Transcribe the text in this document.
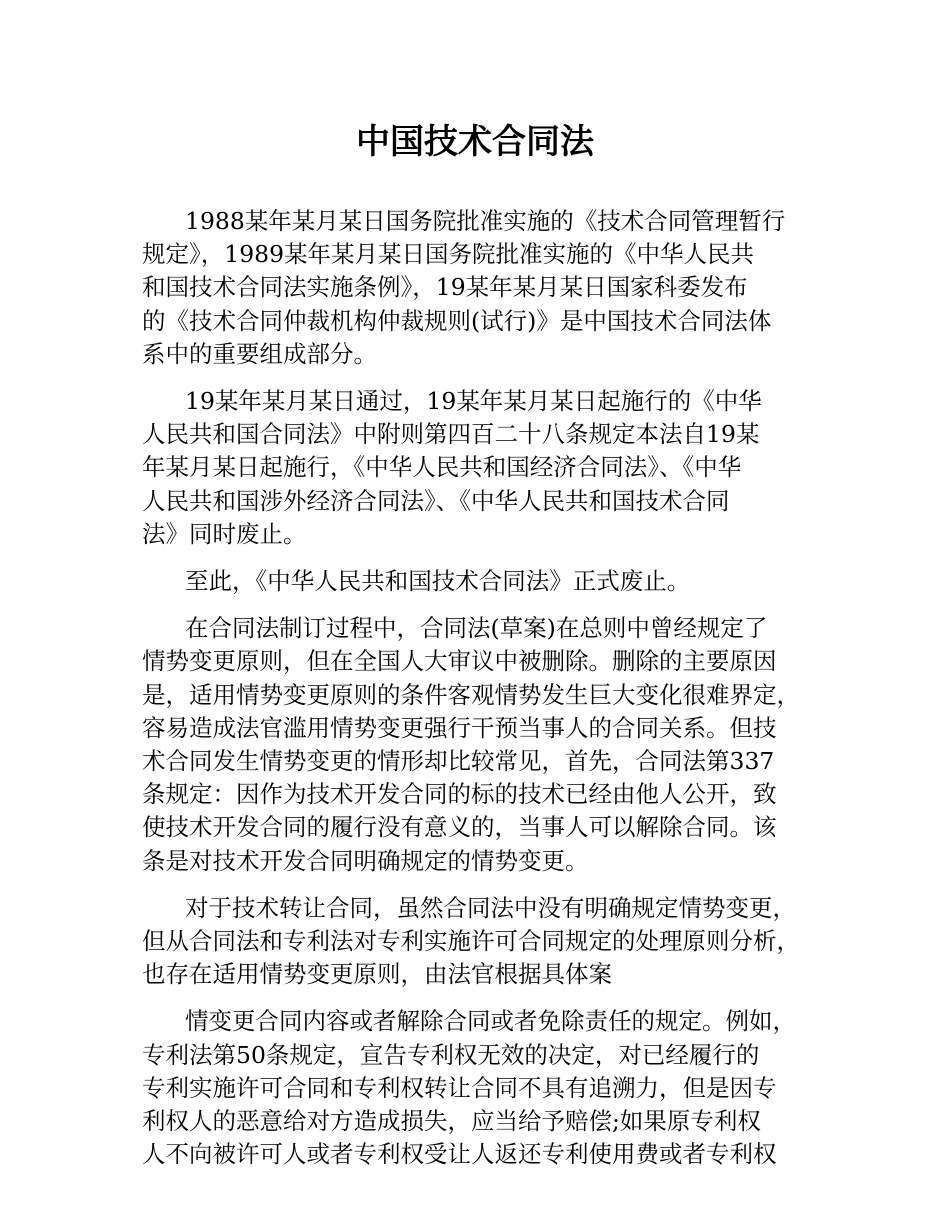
中国技术合同法

1988某年某月某日国务院批准实施的《技术合同管理暂行
规定》，1989某年某月某日国务院批准实施的《中华人民共
和国技术合同法实施条例》，19某年某月某日国家科委发布
的《技术合同仲裁机构仲裁规则(试行)》是中国技术合同法体
系中的重要组成部分。

19某年某月某日通过，19某年某月某日起施行的《中华
人民共和国合同法》中附则第四百二十八条规定本法自19某
年某月某日起施行，《中华人民共和国经济合同法》、《中华
人民共和国涉外经济合同法》、《中华人民共和国技术合同
法》同时废止。

至此，《中华人民共和国技术合同法》正式废止。

在合同法制订过程中，合同法(草案)在总则中曾经规定了
情势变更原则，但在全国人大审议中被删除。删除的主要原因
是，适用情势变更原则的条件客观情势发生巨大变化很难界定，
容易造成法官滥用情势变更强行干预当事人的合同关系。但技
术合同发生情势变更的情形却比较常见，首先，合同法第337
条规定：因作为技术开发合同的标的技术已经由他人公开，致
使技术开发合同的履行没有意义的，当事人可以解除合同。该
条是对技术开发合同明确规定的情势变更。

对于技术转让合同，虽然合同法中没有明确规定情势变更，
但从合同法和专利法对专利实施许可合同规定的处理原则分析，
也存在适用情势变更原则，由法官根据具体案

情变更合同内容或者解除合同或者免除责任的规定。例如，
专利法第50条规定，宣告专利权无效的决定，对已经履行的
专利实施许可合同和专利权转让合同不具有追溯力，但是因专
利权人的恶意给对方造成损失，应当给予赔偿;如果原专利权
人不向被许可人或者专利权受让人返还专利使用费或者专利权
